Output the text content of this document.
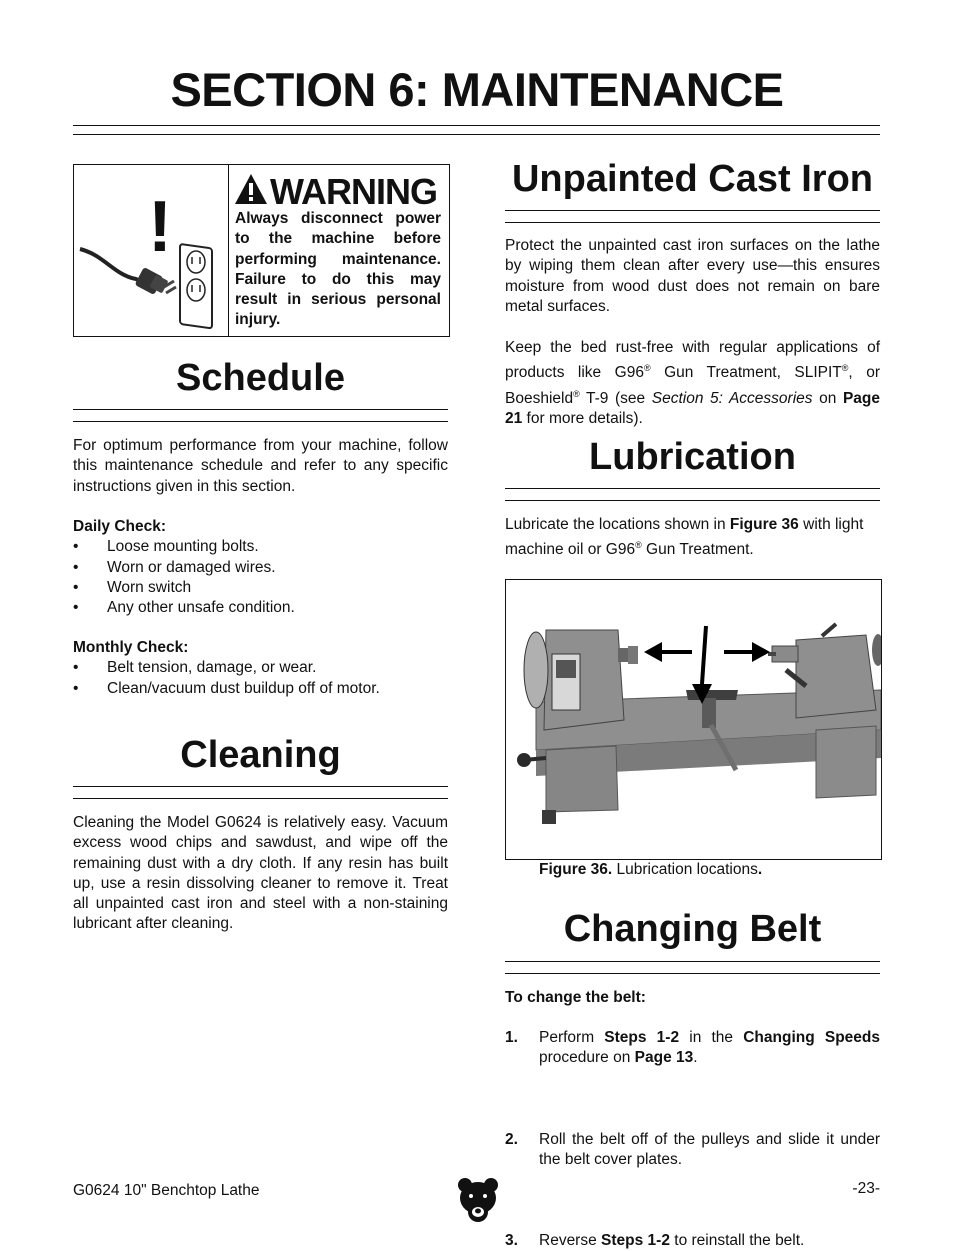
SECTION 6: MAINTENANCE
!	WARNING
Always disconnect power to the machine before performing maintenance. Failure to do this may result in serious personal injury.
Schedule
For optimum performance from your machine, follow this maintenance schedule and refer to any specific instructions given in this section.
Daily Check:
• Loose mounting bolts.
• Worn or damaged wires.
• Worn switch
• Any other unsafe condition.
Monthly Check:
• Belt tension, damage, or wear.
• Clean/vacuum dust buildup off of motor.
Cleaning
Cleaning the Model G0624 is relatively easy. Vacuum excess wood chips and sawdust, and wipe off the remaining dust with a dry cloth. If any resin has built up, use a resin dissolving cleaner to remove it. Treat all unpainted cast iron and steel with a non-staining lubricant after cleaning.
Unpainted Cast Iron
Protect the unpainted cast iron surfaces on the lathe by wiping them clean after every use—this ensures moisture from wood dust does not remain on bare metal surfaces.
Keep the bed rust-free with regular applications of products like G96® Gun Treatment, SLIPIT®, or Boeshield® T-9 (see Section 5: Accessories on Page 21 for more details).
Lubrication
Lubricate the locations shown in Figure 36 with light machine oil or G96® Gun Treatment.
Figure 36. Lubrication locations.
Changing Belt
To change the belt:
1. Perform Steps 1-2 in the Changing Speeds procedure on Page 13.
2. Roll the belt off of the pulleys and slide it under the belt cover plates.
3. Reverse Steps 1-2 to reinstall the belt.
G0624 10" Benchtop Lathe	-23-
